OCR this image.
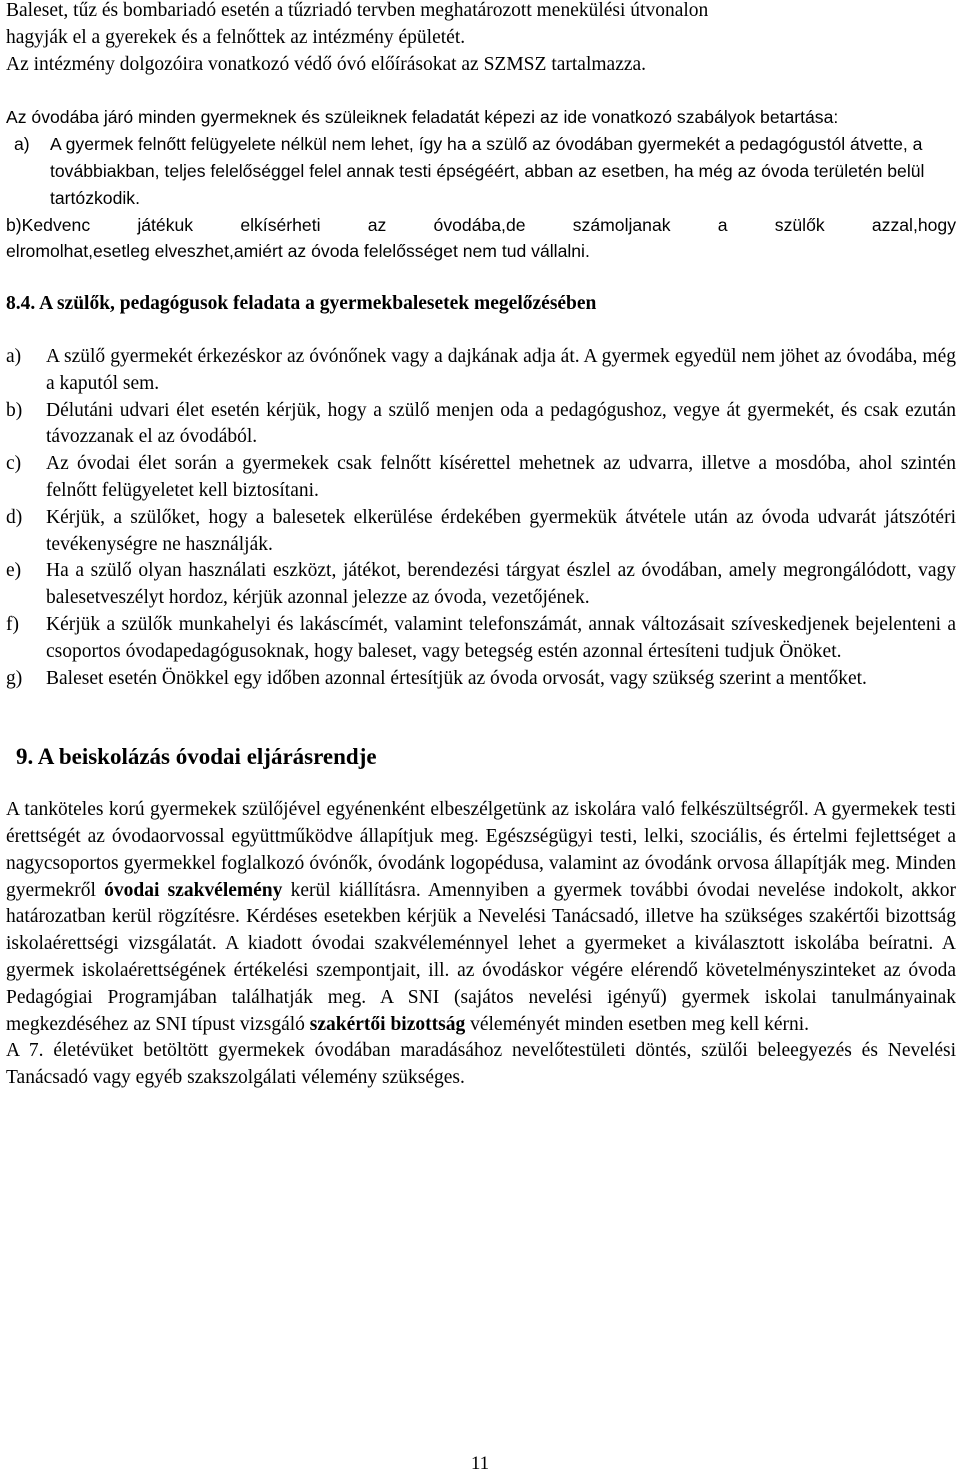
Baleset, tűz és bombariadó esetén a tűzriadó tervben meghatározott menekülési útvonalon

hagyják el a gyerekek és a felnőttek az intézmény épületét.

Az intézmény dolgozóira vonatkozó védő óvó előírásokat az SZMSZ tartalmazza.

Az óvodába járó minden gyermeknek és szüleiknek feladatát képezi az ide vonatkozó szabályok betartása:

a)	A gyermek felnőtt felügyelete nélkül nem lehet, így ha a szülő az óvodában gyermekét a pedagógustól átvette, a továbbiakban, teljes felelőséggel felel annak testi épségéért, abban az esetben, ha még az óvoda területén belül tartózkodik.

b)Kedvenc játékuk elkísérheti az óvodába,de számoljanak a szülők azzal,hogy

elromolhat,esetleg elveszhet,amiért az óvoda felelősséget nem tud vállalni.

8.4. A szülők, pedagógusok feladata a gyermekbalesetek megelőzésében

a)	A szülő gyermekét érkezéskor az óvónőnek vagy a dajkának adja át. A gyermek egyedül nem jöhet az óvodába, még a kaputól sem.
b)	Délutáni udvari élet esetén kérjük, hogy a szülő menjen oda a pedagógushoz, vegye át gyermekét, és csak ezután távozzanak el az óvodából.
c)	Az óvodai élet során a gyermekek csak felnőtt kísérettel mehetnek az udvarra, illetve a mosdóba, ahol szintén felnőtt felügyeletet kell biztosítani.
d)	Kérjük, a szülőket, hogy a balesetek elkerülése érdekében gyermekük átvétele után az óvoda udvarát játszótéri tevékenységre ne használják.
e)	Ha a szülő olyan használati eszközt, játékot, berendezési tárgyat észlel az óvodában, amely megrongálódott, vagy balesetveszélyt hordoz, kérjük azonnal jelezze az óvoda, vezetőjének.
f)	Kérjük a szülők munkahelyi és lakáscímét, valamint telefonszámát, annak változásait szíveskedjenek bejelenteni a csoportos óvodapedagógusoknak, hogy baleset, vagy betegség estén azonnal értesíteni tudjuk Önöket.
g)	Baleset esetén Önökkel egy időben azonnal értesítjük az óvoda orvosát, vagy szükség szerint a mentőket.

9. A beiskolázás óvodai eljárásrendje

A tanköteles korú gyermekek szülőjével egyénenként elbeszélgetünk az iskolára való felkészültségről. A gyermekek testi érettségét az óvodaorvossal együttműködve állapítjuk meg. Egészségügyi testi, lelki, szociális, és értelmi fejlettséget a nagycsoportos gyermekkel foglalkozó óvónők, óvodánk logopédusa, valamint az óvodánk orvosa állapítják meg. Minden gyermekről óvodai szakvélemény kerül kiállításra. Amennyiben a gyermek további óvodai nevelése indokolt, akkor határozatban kerül rögzítésre. Kérdéses esetekben kérjük a Nevelési Tanácsadó, illetve ha szükséges szakértői bizottság iskolaérettségi vizsgálatát. A kiadott óvodai szakvéleménnyel lehet a gyermeket a kiválasztott iskolába beíratni. A gyermek iskolaérettségének értékelési szempontjait, ill. az óvodáskor végére elérendő követelményszinteket az óvoda Pedagógiai Programjában találhatják meg. A SNI (sajátos nevelési igényű) gyermek iskolai tanulmányainak megkezdéséhez az SNI típust vizsgáló szakértői bizottság véleményét minden esetben meg kell kérni.

A 7. életévüket betöltött gyermekek óvodában maradásához nevelőtestületi döntés, szülői beleegyezés és Nevelési Tanácsadó vagy egyéb szakszolgálati vélemény szükséges.

11
